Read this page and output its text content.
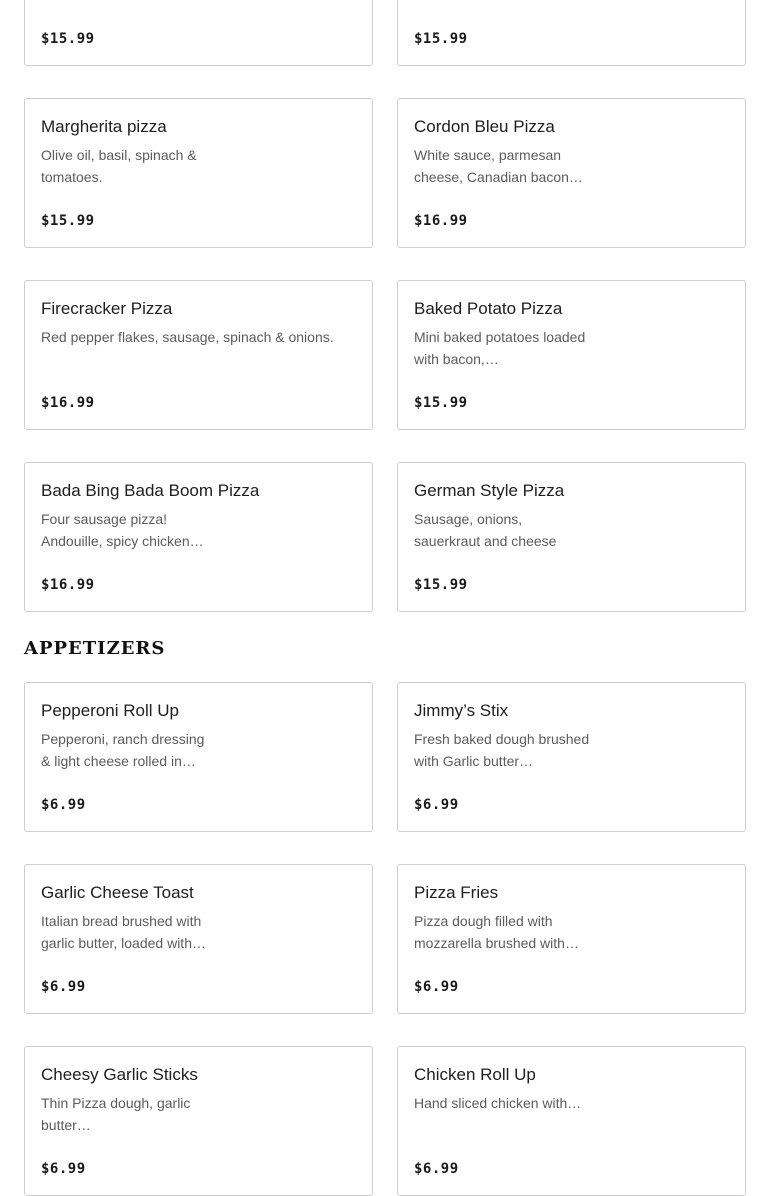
$15.99	$15.99
Margherita pizza
Olive oil, basil, spinach & tomatoes.
$15.99
Cordon Bleu Pizza
White sauce, parmesan cheese, Canadian bacon…
$16.99
Firecracker Pizza
Red pepper flakes, sausage, spinach & onions.
$16.99
Baked Potato Pizza
Mini baked potatoes loaded with bacon,…
$15.99
Bada Bing Bada Boom Pizza
Four sausage pizza! Andouille, spicy chicken…
$16.99
German Style Pizza
Sausage, onions, sauerkraut and cheese
$15.99
APPETIZERS
Pepperoni Roll Up
Pepperoni, ranch dressing & light cheese rolled in…
$6.99
Jimmy’s Stix
Fresh baked dough brushed with Garlic butter…
$6.99
Garlic Cheese Toast
Italian bread brushed with garlic butter, loaded with…
$6.99
Pizza Fries
Pizza dough filled with mozzarella brushed with…
$6.99
Cheesy Garlic Sticks
Thin Pizza dough, garlic butter…
$6.99
Chicken Roll Up
Hand sliced chicken with…
$6.99
